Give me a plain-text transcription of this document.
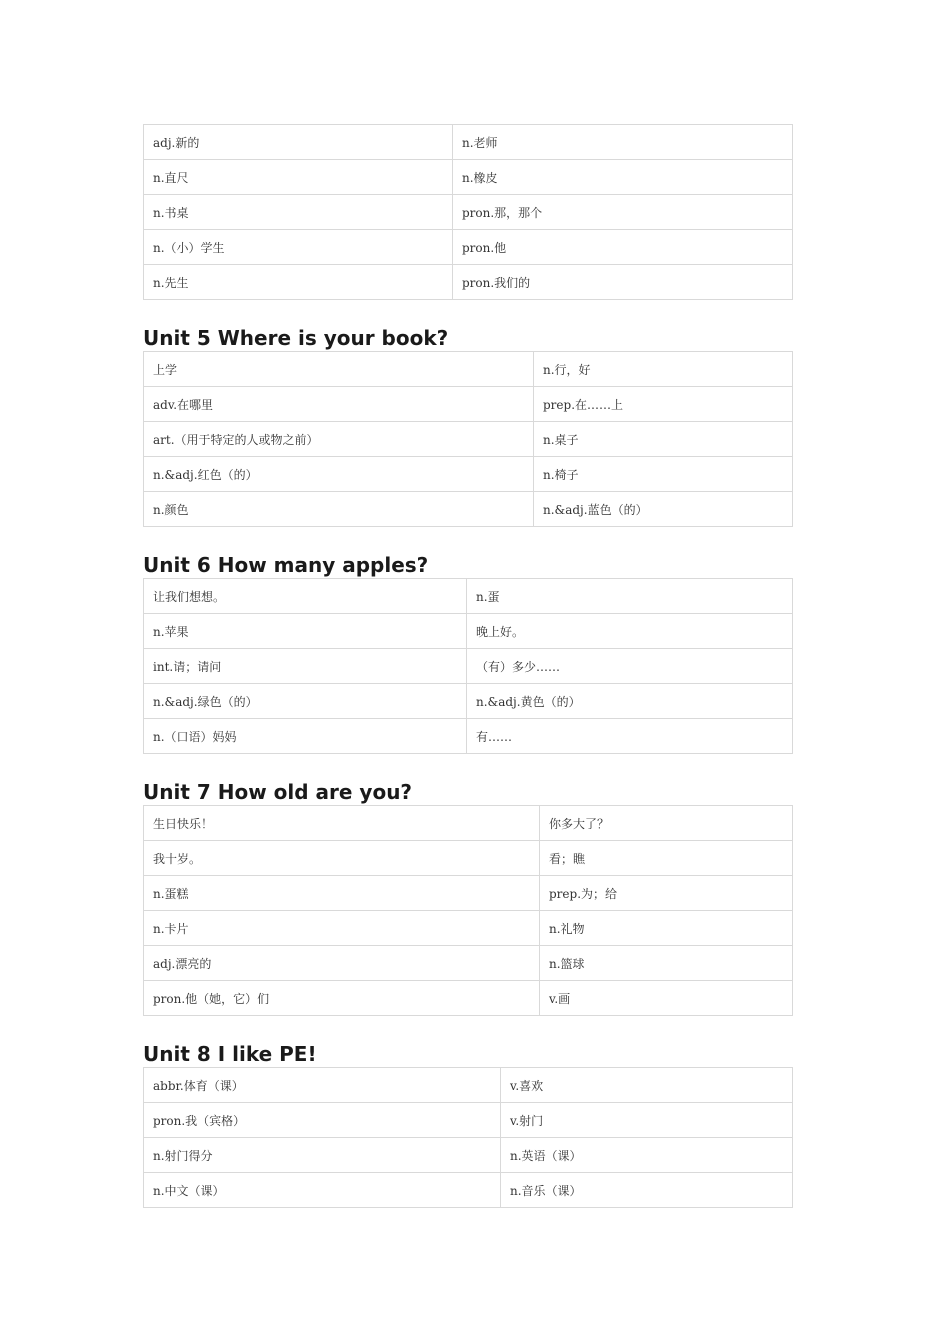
adj.新的	n.老师
n.直尺	n.橡皮
n.书桌	pron.那，那个
n.（小）学生	pron.他
n.先生	pron.我们的
Unit 5 Where is your book?
上学	n.行，好
adv.在哪里	prep.在……上
art.（用于特定的人或物之前）	n.桌子
n.&adj.红色（的）	n.椅子
n.颜色	n.&adj.蓝色（的）
Unit 6 How many apples?
让我们想想。	n.蛋
n.苹果	晚上好。
int.请；请问	（有）多少……
n.&adj.绿色（的）	n.&adj.黄色（的）
n.（口语）妈妈	有……
Unit 7 How old are you?
生日快乐！	你多大了？
我十岁。	看；瞧
n.蛋糕	prep.为；给
n.卡片	n.礼物
adj.漂亮的	n.篮球
pron.他（她，它）们	v.画
Unit 8 I like PE!
abbr.体育（课）	v.喜欢
pron.我（宾格）	v.射门
n.射门得分	n.英语（课）
n.中文（课）	n.音乐（课）
